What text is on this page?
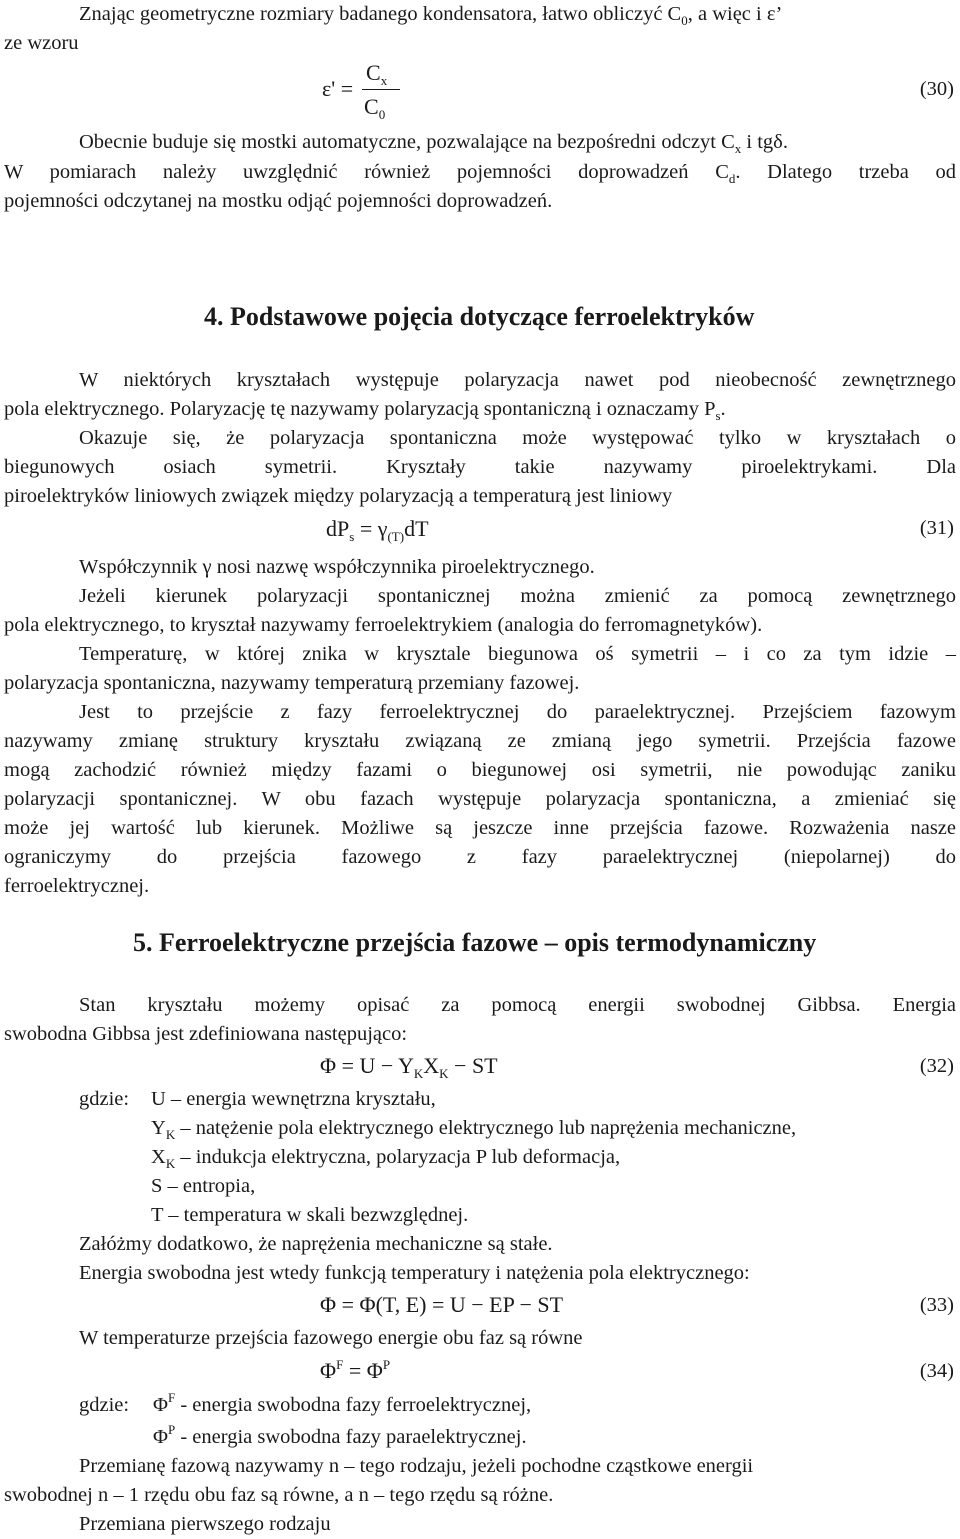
Znając geometryczne rozmiary badanego kondensatora, łatwo obliczyć $C_0$, a więc i ε’
ze wzoru
ε' =
$C_x$
$C_0$
(30)
Obecnie buduje się mostki automatyczne, pozwalające na bezpośredni odczyt $C_x$ i tgδ.
W pomiarach należy uwzględnić również pojemności doprowadzeń $C_d$. Dlatego trzeba od
pojemności odczytanej na mostku odjąć pojemności doprowadzeń.
4. Podstawowe pojęcia dotyczące ferroelektryków
W niektórych kryształach występuje polaryzacja nawet pod nieobecność zewnętrznego
pola elektrycznego. Polaryzację tę nazywamy polaryzacją spontaniczną i oznaczamy $P_s$.
Okazuje się, że polaryzacja spontaniczna może występować tylko w kryształach o
biegunowych osiach symetrii. Kryształy takie nazywamy piroelektrykami. Dla
piroelektryków liniowych związek między polaryzacją a temperaturą jest liniowy
$dP_s = \gamma_{(T)}dT$	(31)
Współczynnik γ nosi nazwę współczynnika piroelektrycznego.
Jeżeli kierunek polaryzacji spontanicznej można zmienić za pomocą zewnętrznego
pola elektrycznego, to kryształ nazywamy ferroelektrykiem (analogia do ferromagnetyków).
Temperaturę, w której znika w krysztale biegunowa oś symetrii – i co za tym idzie –
polaryzacja spontaniczna, nazywamy temperaturą przemiany fazowej.
Jest to przejście z fazy ferroelektrycznej do paraelektrycznej. Przejściem fazowym
nazywamy zmianę struktury kryształu związaną ze zmianą jego symetrii. Przejścia fazowe
mogą zachodzić również między fazami o biegunowej osi symetrii, nie powodując zaniku
polaryzacji spontanicznej. W obu fazach występuje polaryzacja spontaniczna, a zmieniać się
może jej wartość lub kierunek. Możliwe są jeszcze inne przejścia fazowe. Rozważenia nasze
ograniczymy do przejścia fazowego z fazy paraelektrycznej (niepolarnej) do
ferroelektrycznej.
5. Ferroelektryczne przejścia fazowe – opis termodynamiczny
Stan kryształu możemy opisać za pomocą energii swobodnej Gibbsa. Energia
swobodna Gibbsa jest zdefiniowana następująco:
$\Phi = U - Y_KX_K$ − ST	(32)
gdzie: U – energia wewnętrzna kryształu,
$Y_K$ – natężenie pola elektrycznego elektrycznego lub naprężenia mechaniczne,
$X_K$ – indukcja elektryczna, polaryzacja P lub deformacja,
S – entropia,
T – temperatura w skali bezwzględnej.
Załóżmy dodatkowo, że naprężenia mechaniczne są stałe.
Energia swobodna jest wtedy funkcją temperatury i natężenia pola elektrycznego:
Φ = Φ(T, E) = U − EP − ST	(33)
W temperaturze przejścia fazowego energie obu faz są równe
$\Phi^F = \Phi^P$	(34)
gdzie: $\Phi^F$ - energia swobodna fazy ferroelektrycznej,
$\Phi^P$ - energia swobodna fazy paraelektrycznej.
Przemianę fazową nazywamy n – tego rodzaju, jeżeli pochodne cząstkowe energii
swobodnej n – 1 rzędu obu faz są równe, a n – tego rzędu są różne.
Przemiana pierwszego rodzaju
